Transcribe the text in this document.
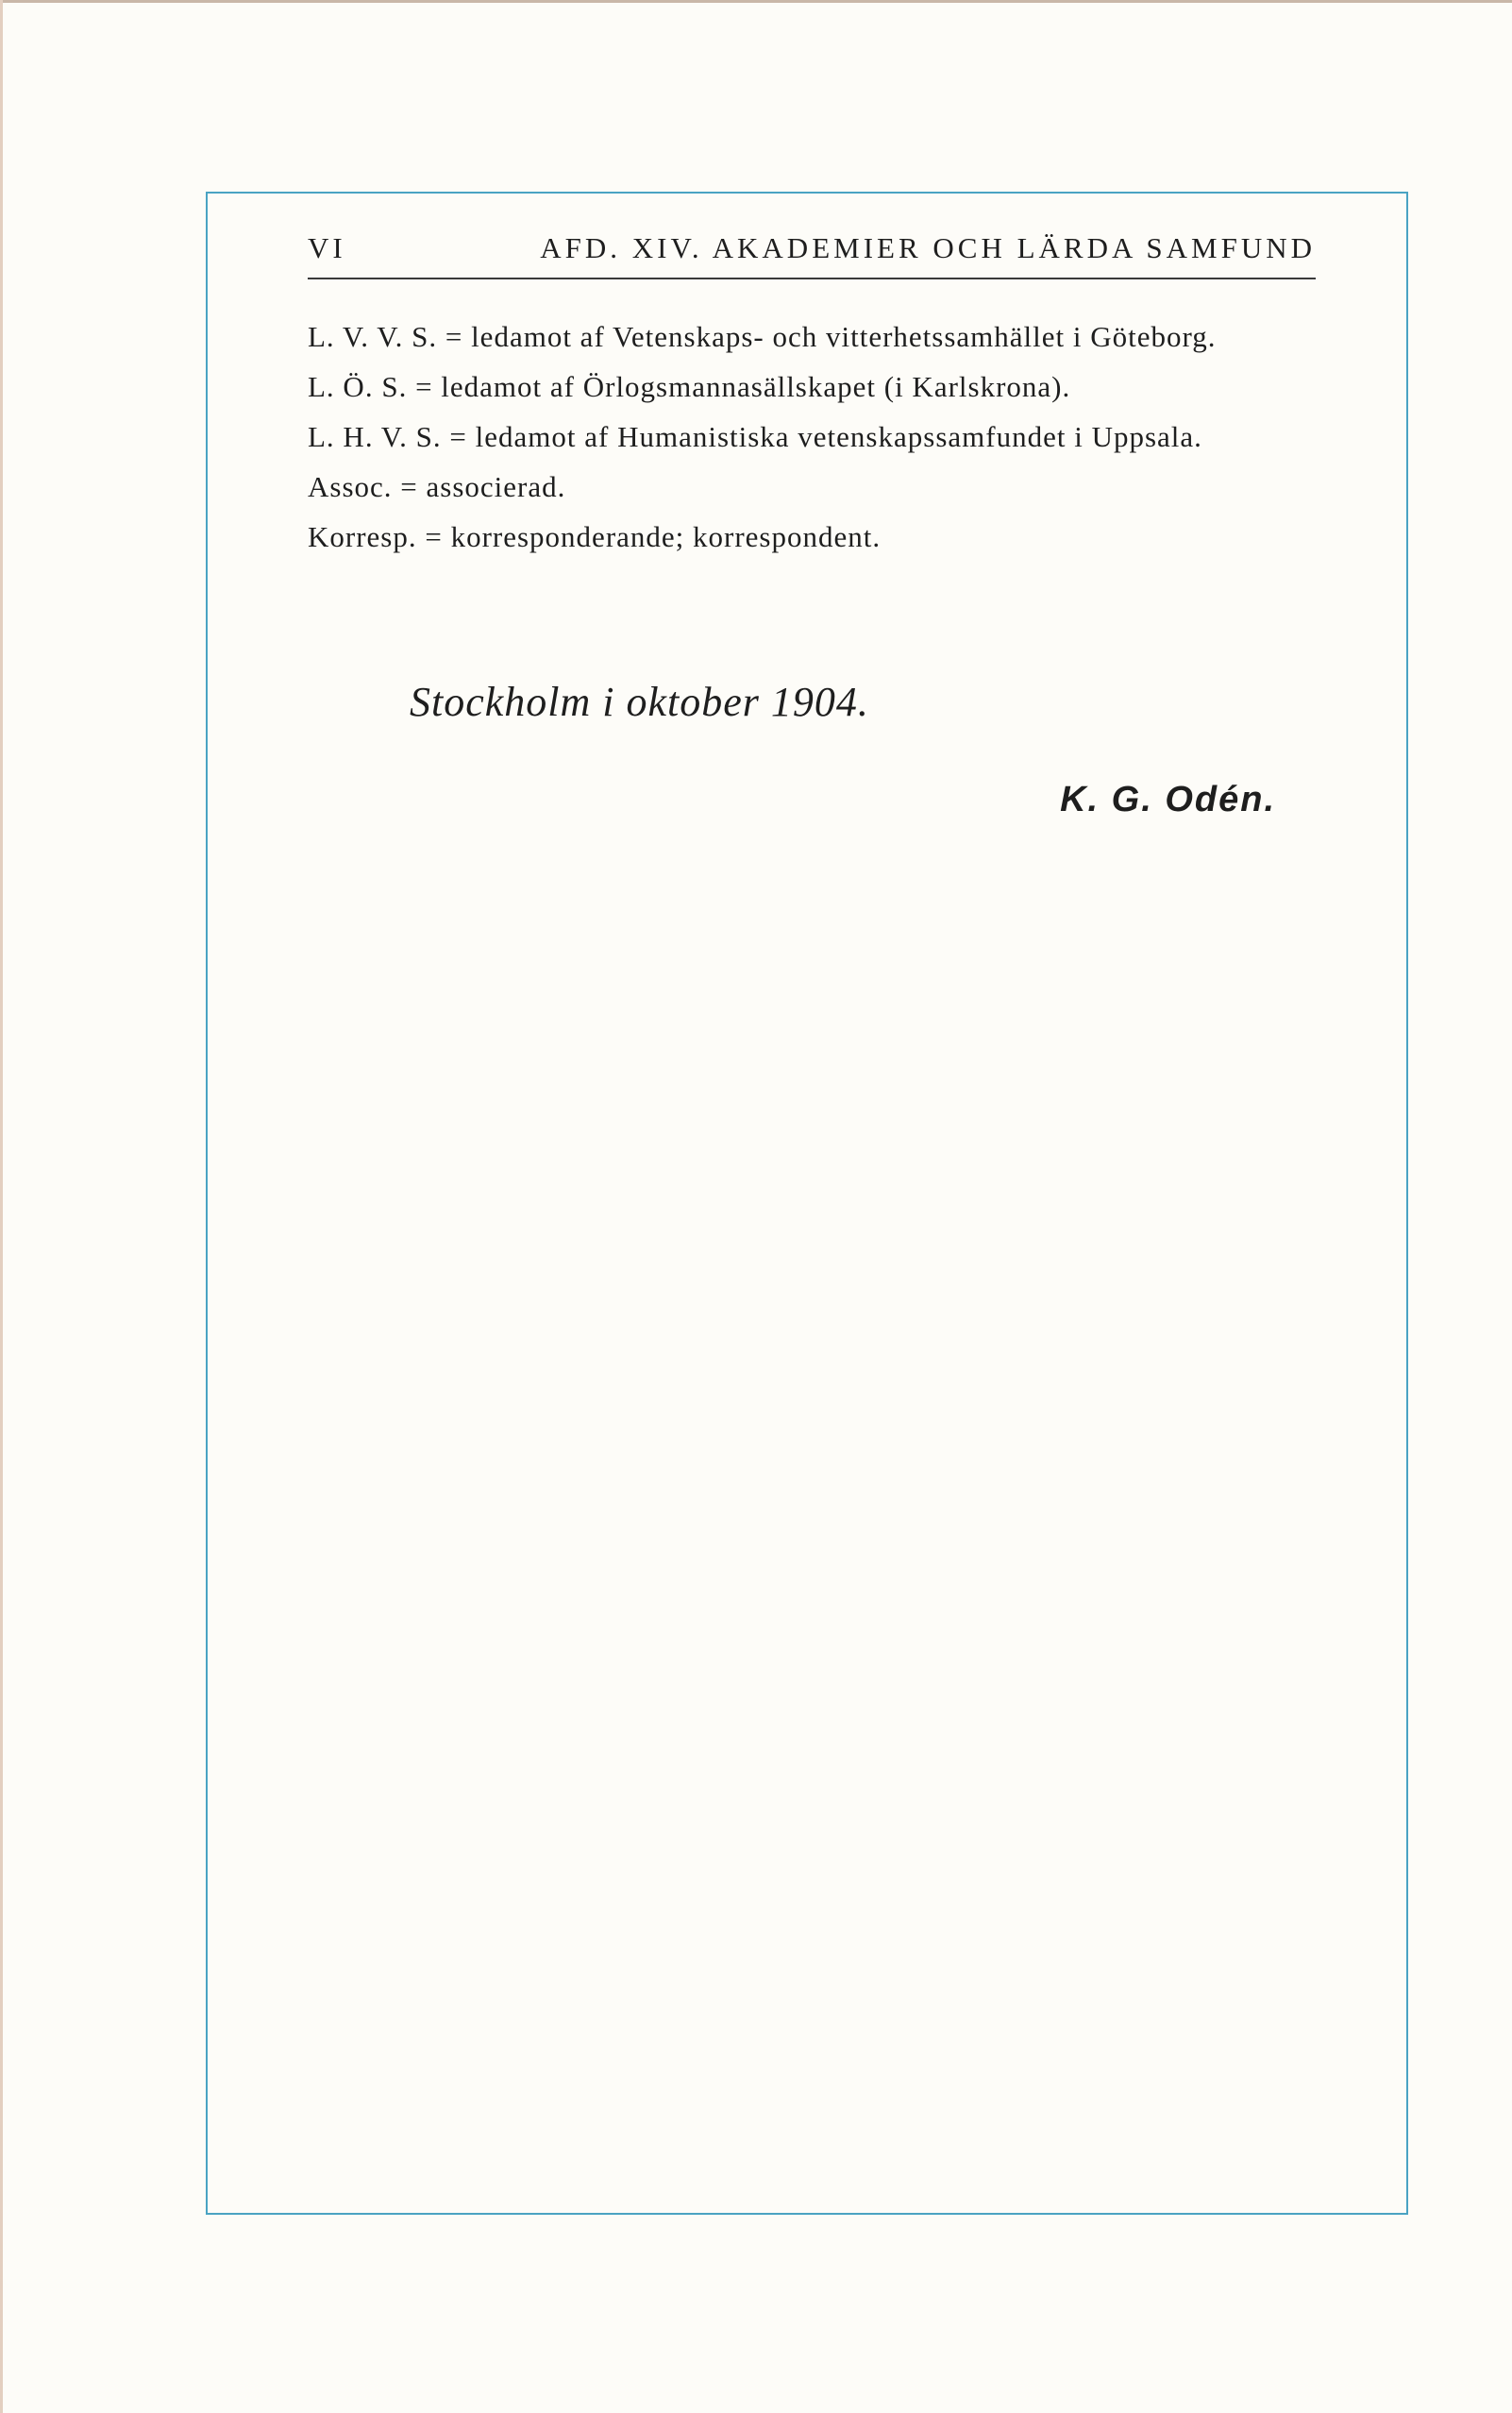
VI	AFD. XIV. AKADEMIER OCH LÄRDA SAMFUND

L. V. V. S. = ledamot af Vetenskaps- och vitterhetssamhället i Göteborg.

L. Ö. S. = ledamot af Örlogsmannasällskapet (i Karlskrona).

L. H. V. S. = ledamot af Humanistiska vetenskapssamfundet i Uppsala.

Assoc. = associerad.

Korresp. = korresponderande; korrespondent.

Stockholm i oktober 1904.
K. G. Odén.
